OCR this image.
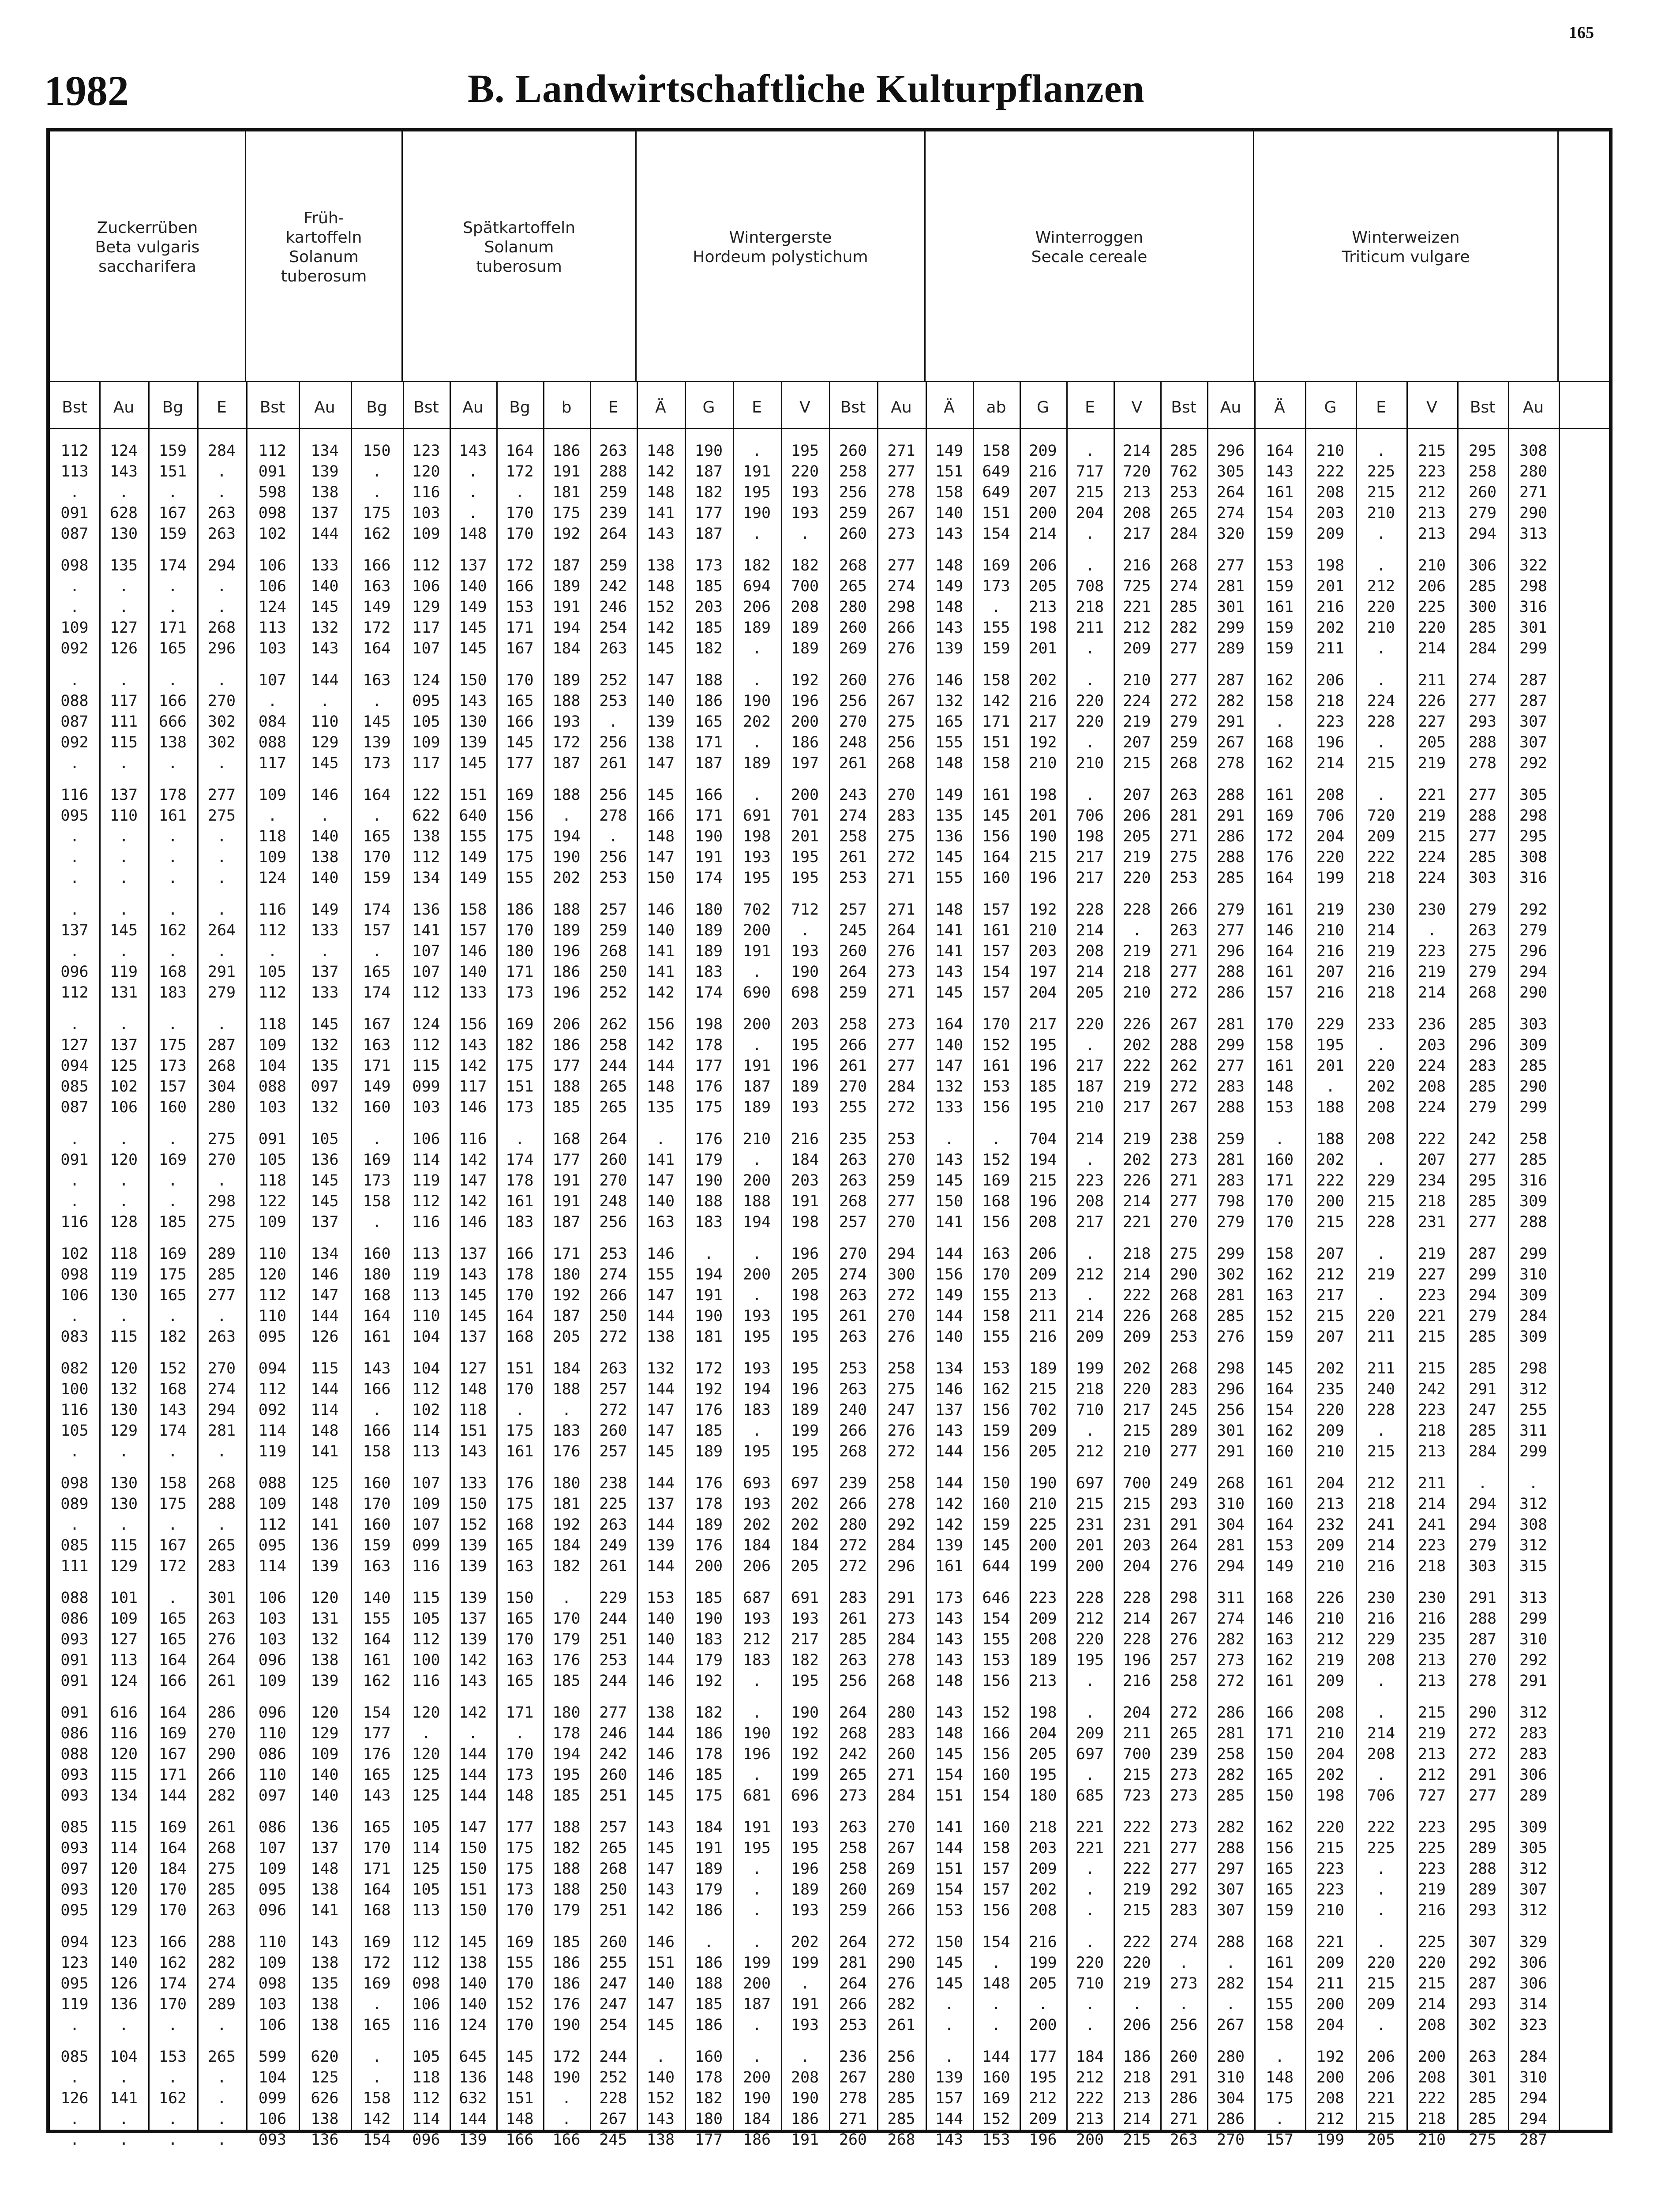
165
1982	B. Landwirtschaftliche Kulturpflanzen
Zuckerrüben
Beta vulgaris
saccharifera
Früh-
kartoffeln
Solanum
tuberosum
Spätkartoffeln
Solanum
tuberosum
Wintergerste
Hordeum polystichum
Winterroggen
Secale cereale
Winterweizen
Triticum vulgare
Bst	Au	Bg	E	Bst	Au	Bg	Bst	Au	Bg	b	E	Ä	G	E	V	Bst	Au	Ä	ab	G	E	V	Bst	Au	Ä	G	E	V	Bst	Au
112	124	159	284	112	134	150	123	143	164	186	263	148	190	.	195	260	271	149	158	209	.	214	285	296	164	210	.	215	295	308
113	143	151	.	091	139	.	120	.	172	191	288	142	187	191	220	258	277	151	649	216	717	720	762	305	143	222	225	223	258	280
.	.	.	.	598	138	.	116	.	.	181	259	148	182	195	193	256	278	158	649	207	215	213	253	264	161	208	215	212	260	271
091	628	167	263	098	137	175	103	.	170	175	239	141	177	190	193	259	267	140	151	200	204	208	265	274	154	203	210	213	279	290
087	130	159	263	102	144	162	109	148	170	192	264	143	187	.	.	260	273	143	154	214	.	217	284	320	159	209	.	213	294	313
098	135	174	294	106	133	166	112	137	172	187	259	138	173	182	182	268	277	148	169	206	.	216	268	277	153	198	.	210	306	322
.	.	.	.	106	140	163	106	140	166	189	242	148	185	694	700	265	274	149	173	205	708	725	274	281	159	201	212	206	285	298
.	.	.	.	124	145	149	129	149	153	191	246	152	203	206	208	280	298	148	.	213	218	221	285	301	161	216	220	225	300	316
109	127	171	268	113	132	172	117	145	171	194	254	142	185	189	189	260	266	143	155	198	211	212	282	299	159	202	210	220	285	301
092	126	165	296	103	143	164	107	145	167	184	263	145	182	.	189	269	276	139	159	201	.	209	277	289	159	211	.	214	284	299
.	.	.	.	107	144	163	124	150	170	189	252	147	188	.	192	260	276	146	158	202	.	210	277	287	162	206	.	211	274	287
088	117	166	270	.	.	.	095	143	165	188	253	140	186	190	196	256	267	132	142	216	220	224	272	282	158	218	224	226	277	287
087	111	666	302	084	110	145	105	130	166	193	.	139	165	202	200	270	275	165	171	217	220	219	279	291	.	223	228	227	293	307
092	115	138	302	088	129	139	109	139	145	172	256	138	171	.	186	248	256	155	151	192	.	207	259	267	168	196	.	205	288	307
.	.	.	.	117	145	173	117	145	177	187	261	147	187	189	197	261	268	148	158	210	210	215	268	278	162	214	215	219	278	292
116	137	178	277	109	146	164	122	151	169	188	256	145	166	.	200	243	270	149	161	198	.	207	263	288	161	208	.	221	277	305
095	110	161	275	.	.	.	622	640	156	.	278	166	171	691	701	274	283	135	145	201	706	206	281	291	169	706	720	219	288	298
.	.	.	.	118	140	165	138	155	175	194	.	148	190	198	201	258	275	136	156	190	198	205	271	286	172	204	209	215	277	295
.	.	.	.	109	138	170	112	149	175	190	256	147	191	193	195	261	272	145	164	215	217	219	275	288	176	220	222	224	285	308
.	.	.	.	124	140	159	134	149	155	202	253	150	174	195	195	253	271	155	160	196	217	220	253	285	164	199	218	224	303	316
.	.	.	.	116	149	174	136	158	186	188	257	146	180	702	712	257	271	148	157	192	228	228	266	279	161	219	230	230	279	292
137	145	162	264	112	133	157	141	157	170	189	259	140	189	200	.	245	264	141	161	210	214	.	263	277	146	210	214	.	263	279
.	.	.	.	.	.	.	107	146	180	196	268	141	189	191	193	260	276	141	157	203	208	219	271	296	164	216	219	223	275	296
096	119	168	291	105	137	165	107	140	171	186	250	141	183	.	190	264	273	143	154	197	214	218	277	288	161	207	216	219	279	294
112	131	183	279	112	133	174	112	133	173	196	252	142	174	690	698	259	271	145	157	204	205	210	272	286	157	216	218	214	268	290
.	.	.	.	118	145	167	124	156	169	206	262	156	198	200	203	258	273	164	170	217	220	226	267	281	170	229	233	236	285	303
127	137	175	287	109	132	163	112	143	182	186	258	142	178	.	195	266	277	140	152	195	.	202	288	299	158	195	.	203	296	309
094	125	173	268	104	135	171	115	142	175	177	244	144	177	191	196	261	277	147	161	196	217	222	262	277	161	201	220	224	283	285
085	102	157	304	088	097	149	099	117	151	188	265	148	176	187	189	270	284	132	153	185	187	219	272	283	148	.	202	208	285	290
087	106	160	280	103	132	160	103	146	173	185	265	135	175	189	193	255	272	133	156	195	210	217	267	288	153	188	208	224	279	299
.	.	.	275	091	105	.	106	116	.	168	264	.	176	210	216	235	253	.	.	704	214	219	238	259	.	188	208	222	242	258
091	120	169	270	105	136	169	114	142	174	177	260	141	179	.	184	263	270	143	152	194	.	202	273	281	160	202	.	207	277	285
.	.	.	.	118	145	173	119	147	178	191	270	147	190	200	203	263	259	145	169	215	223	226	271	283	171	222	229	234	295	316
.	.	.	298	122	145	158	112	142	161	191	248	140	188	188	191	268	277	150	168	196	208	214	277	798	170	200	215	218	285	309
116	128	185	275	109	137	.	116	146	183	187	256	163	183	194	198	257	270	141	156	208	217	221	270	279	170	215	228	231	277	288
102	118	169	289	110	134	160	113	137	166	171	253	146	.	.	196	270	294	144	163	206	.	218	275	299	158	207	.	219	287	299
098	119	175	285	120	146	180	119	143	178	180	274	155	194	200	205	274	300	156	170	209	212	214	290	302	162	212	219	227	299	310
106	130	165	277	112	147	168	113	145	170	192	266	147	191	.	198	263	272	149	155	213	.	222	268	281	163	217	.	223	294	309
.	.	.	.	110	144	164	110	145	164	187	250	144	190	193	195	261	270	144	158	211	214	226	268	285	152	215	220	221	279	284
083	115	182	263	095	126	161	104	137	168	205	272	138	181	195	195	263	276	140	155	216	209	209	253	276	159	207	211	215	285	309
082	120	152	270	094	115	143	104	127	151	184	263	132	172	193	195	253	258	134	153	189	199	202	268	298	145	202	211	215	285	298
100	132	168	274	112	144	166	112	148	170	188	257	144	192	194	196	263	275	146	162	215	218	220	283	296	164	235	240	242	291	312
116	130	143	294	092	114	.	102	118	.	.	272	147	176	183	189	240	247	137	156	702	710	217	245	256	154	220	228	223	247	255
105	129	174	281	114	148	166	114	151	175	183	260	147	185	.	199	266	276	143	159	209	.	215	289	301	162	209	.	218	285	311
.	.	.	.	119	141	158	113	143	161	176	257	145	189	195	195	268	272	144	156	205	212	210	277	291	160	210	215	213	284	299
098	130	158	268	088	125	160	107	133	176	180	238	144	176	693	697	239	258	144	150	190	697	700	249	268	161	204	212	211	.	.
089	130	175	288	109	148	170	109	150	175	181	225	137	178	193	202	266	278	142	160	210	215	215	293	310	160	213	218	214	294	312
.	.	.	.	112	141	160	107	152	168	192	263	144	189	202	202	280	292	142	159	225	231	231	291	304	164	232	241	241	294	308
085	115	167	265	095	136	159	099	139	165	184	249	139	176	184	184	272	284	139	145	200	201	203	264	281	153	209	214	223	279	312
111	129	172	283	114	139	163	116	139	163	182	261	144	200	206	205	272	296	161	644	199	200	204	276	294	149	210	216	218	303	315
088	101	.	301	106	120	140	115	139	150	.	229	153	185	687	691	283	291	173	646	223	228	228	298	311	168	226	230	230	291	313
086	109	165	263	103	131	155	105	137	165	170	244	140	190	193	193	261	273	143	154	209	212	214	267	274	146	210	216	216	288	299
093	127	165	276	103	132	164	112	139	170	179	251	140	183	212	217	285	284	143	155	208	220	228	276	282	163	212	229	235	287	310
091	113	164	264	096	138	161	100	142	163	176	253	144	179	183	182	263	278	143	153	189	195	196	257	273	162	219	208	213	270	292
091	124	166	261	109	139	162	116	143	165	185	244	146	192	.	195	256	268	148	156	213	.	216	258	272	161	209	.	213	278	291
091	616	164	286	096	120	154	120	142	171	180	277	138	182	.	190	264	280	143	152	198	.	204	272	286	166	208	.	215	290	312
086	116	169	270	110	129	177	.	.	.	178	246	144	186	190	192	268	283	148	166	204	209	211	265	281	171	210	214	219	272	283
088	120	167	290	086	109	176	120	144	170	194	242	146	178	196	192	242	260	145	156	205	697	700	239	258	150	204	208	213	272	283
093	115	171	266	110	140	165	125	144	173	195	260	146	185	.	199	265	271	154	160	195	.	215	273	282	165	202	.	212	291	306
093	134	144	282	097	140	143	125	144	148	185	251	145	175	681	696	273	284	151	154	180	685	723	273	285	150	198	706	727	277	289
085	115	169	261	086	136	165	105	147	177	188	257	143	184	191	193	263	270	141	160	218	221	222	273	282	162	220	222	223	295	309
093	114	164	268	107	137	170	114	150	175	182	265	145	191	195	195	258	267	144	158	203	221	221	277	288	156	215	225	225	289	305
097	120	184	275	109	148	171	125	150	175	188	268	147	189	.	196	258	269	151	157	209	.	222	277	297	165	223	.	223	288	312
093	120	170	285	095	138	164	105	151	173	188	250	143	179	.	189	260	269	154	157	202	.	219	292	307	165	223	.	219	289	307
095	129	170	263	096	141	168	113	150	170	179	251	142	186	.	193	259	266	153	156	208	.	215	283	307	159	210	.	216	293	312
094	123	166	288	110	143	169	112	145	169	185	260	146	.	.	202	264	272	150	154	216	.	222	274	288	168	221	.	225	307	329
123	140	162	282	109	138	172	112	138	155	186	255	151	186	199	199	281	290	145	.	199	220	220	.	.	161	209	220	220	292	306
095	126	174	274	098	135	169	098	140	170	186	247	140	188	200	.	264	276	145	148	205	710	219	273	282	154	211	215	215	287	306
119	136	170	289	103	138	.	106	140	152	176	247	147	185	187	191	266	282	.	.	.	.	.	.	.	155	200	209	214	293	314
.	.	.	.	106	138	165	116	124	170	190	254	145	186	.	193	253	261	.	.	200	.	206	256	267	158	204	.	208	302	323
085	104	153	265	599	620	.	105	645	145	172	244	.	160	.	.	236	256	.	144	177	184	186	260	280	.	192	206	200	263	284
.	.	.	.	104	125	.	118	136	148	190	252	140	178	200	208	267	280	139	160	195	212	218	291	310	148	200	206	208	301	310
126	141	162	.	099	626	158	112	632	151	.	228	152	182	190	190	278	285	157	169	212	222	213	286	304	175	208	221	222	285	294
.	.	.	.	106	138	142	114	144	148	.	267	143	180	184	186	271	285	144	152	209	213	214	271	286	.	212	215	218	285	294
.	.	.	.	093	136	154	096	139	166	166	245	138	177	186	191	260	268	143	153	196	200	215	263	270	157	199	205	210	275	287
